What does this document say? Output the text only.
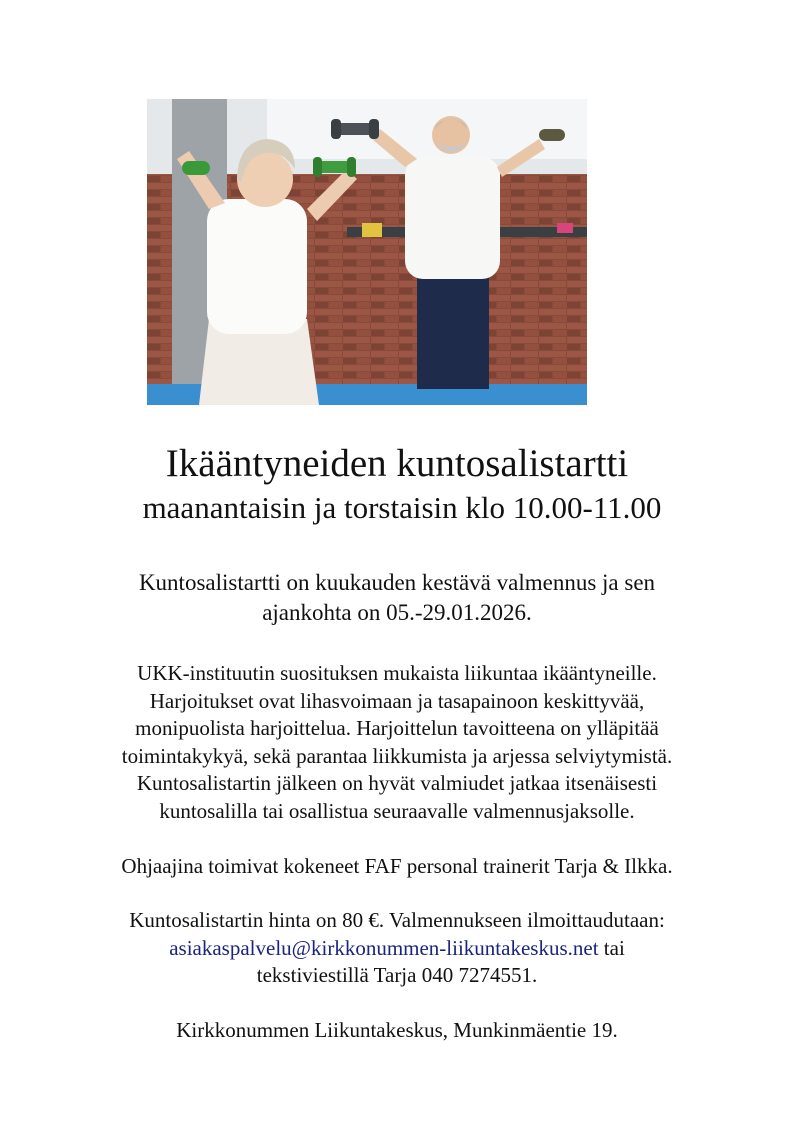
Ikääntyneiden kuntosalistartti
maanantaisin ja torstaisin klo 10.00-11.00

Kuntosalistartti on kuukauden kestävä valmennus ja sen

ajankohta on 05.-29.01.2026.

UKK-instituutin suosituksen mukaista liikuntaa ikääntyneille.

Harjoitukset ovat lihasvoimaan ja tasapainoon keskittyvää,

monipuolista harjoittelua. Harjoittelun tavoitteena on ylläpitää

toimintakykyä, sekä parantaa liikkumista ja arjessa selviytymistä.

Kuntosalistartin jälkeen on hyvät valmiudet jatkaa itsenäisesti

kuntosalilla tai osallistua seuraavalle valmennusjaksolle.

Ohjaajina toimivat kokeneet FAF personal trainerit Tarja & Ilkka.

Kuntosalistartin hinta on 80 €. Valmennukseen ilmoittaudutaan:

asiakaspalvelu@kirkkonummen-liikuntakeskus.net tai

tekstiviestillä Tarja 040 7274551.

Kirkkonummen Liikuntakeskus, Munkinmäentie 19.
